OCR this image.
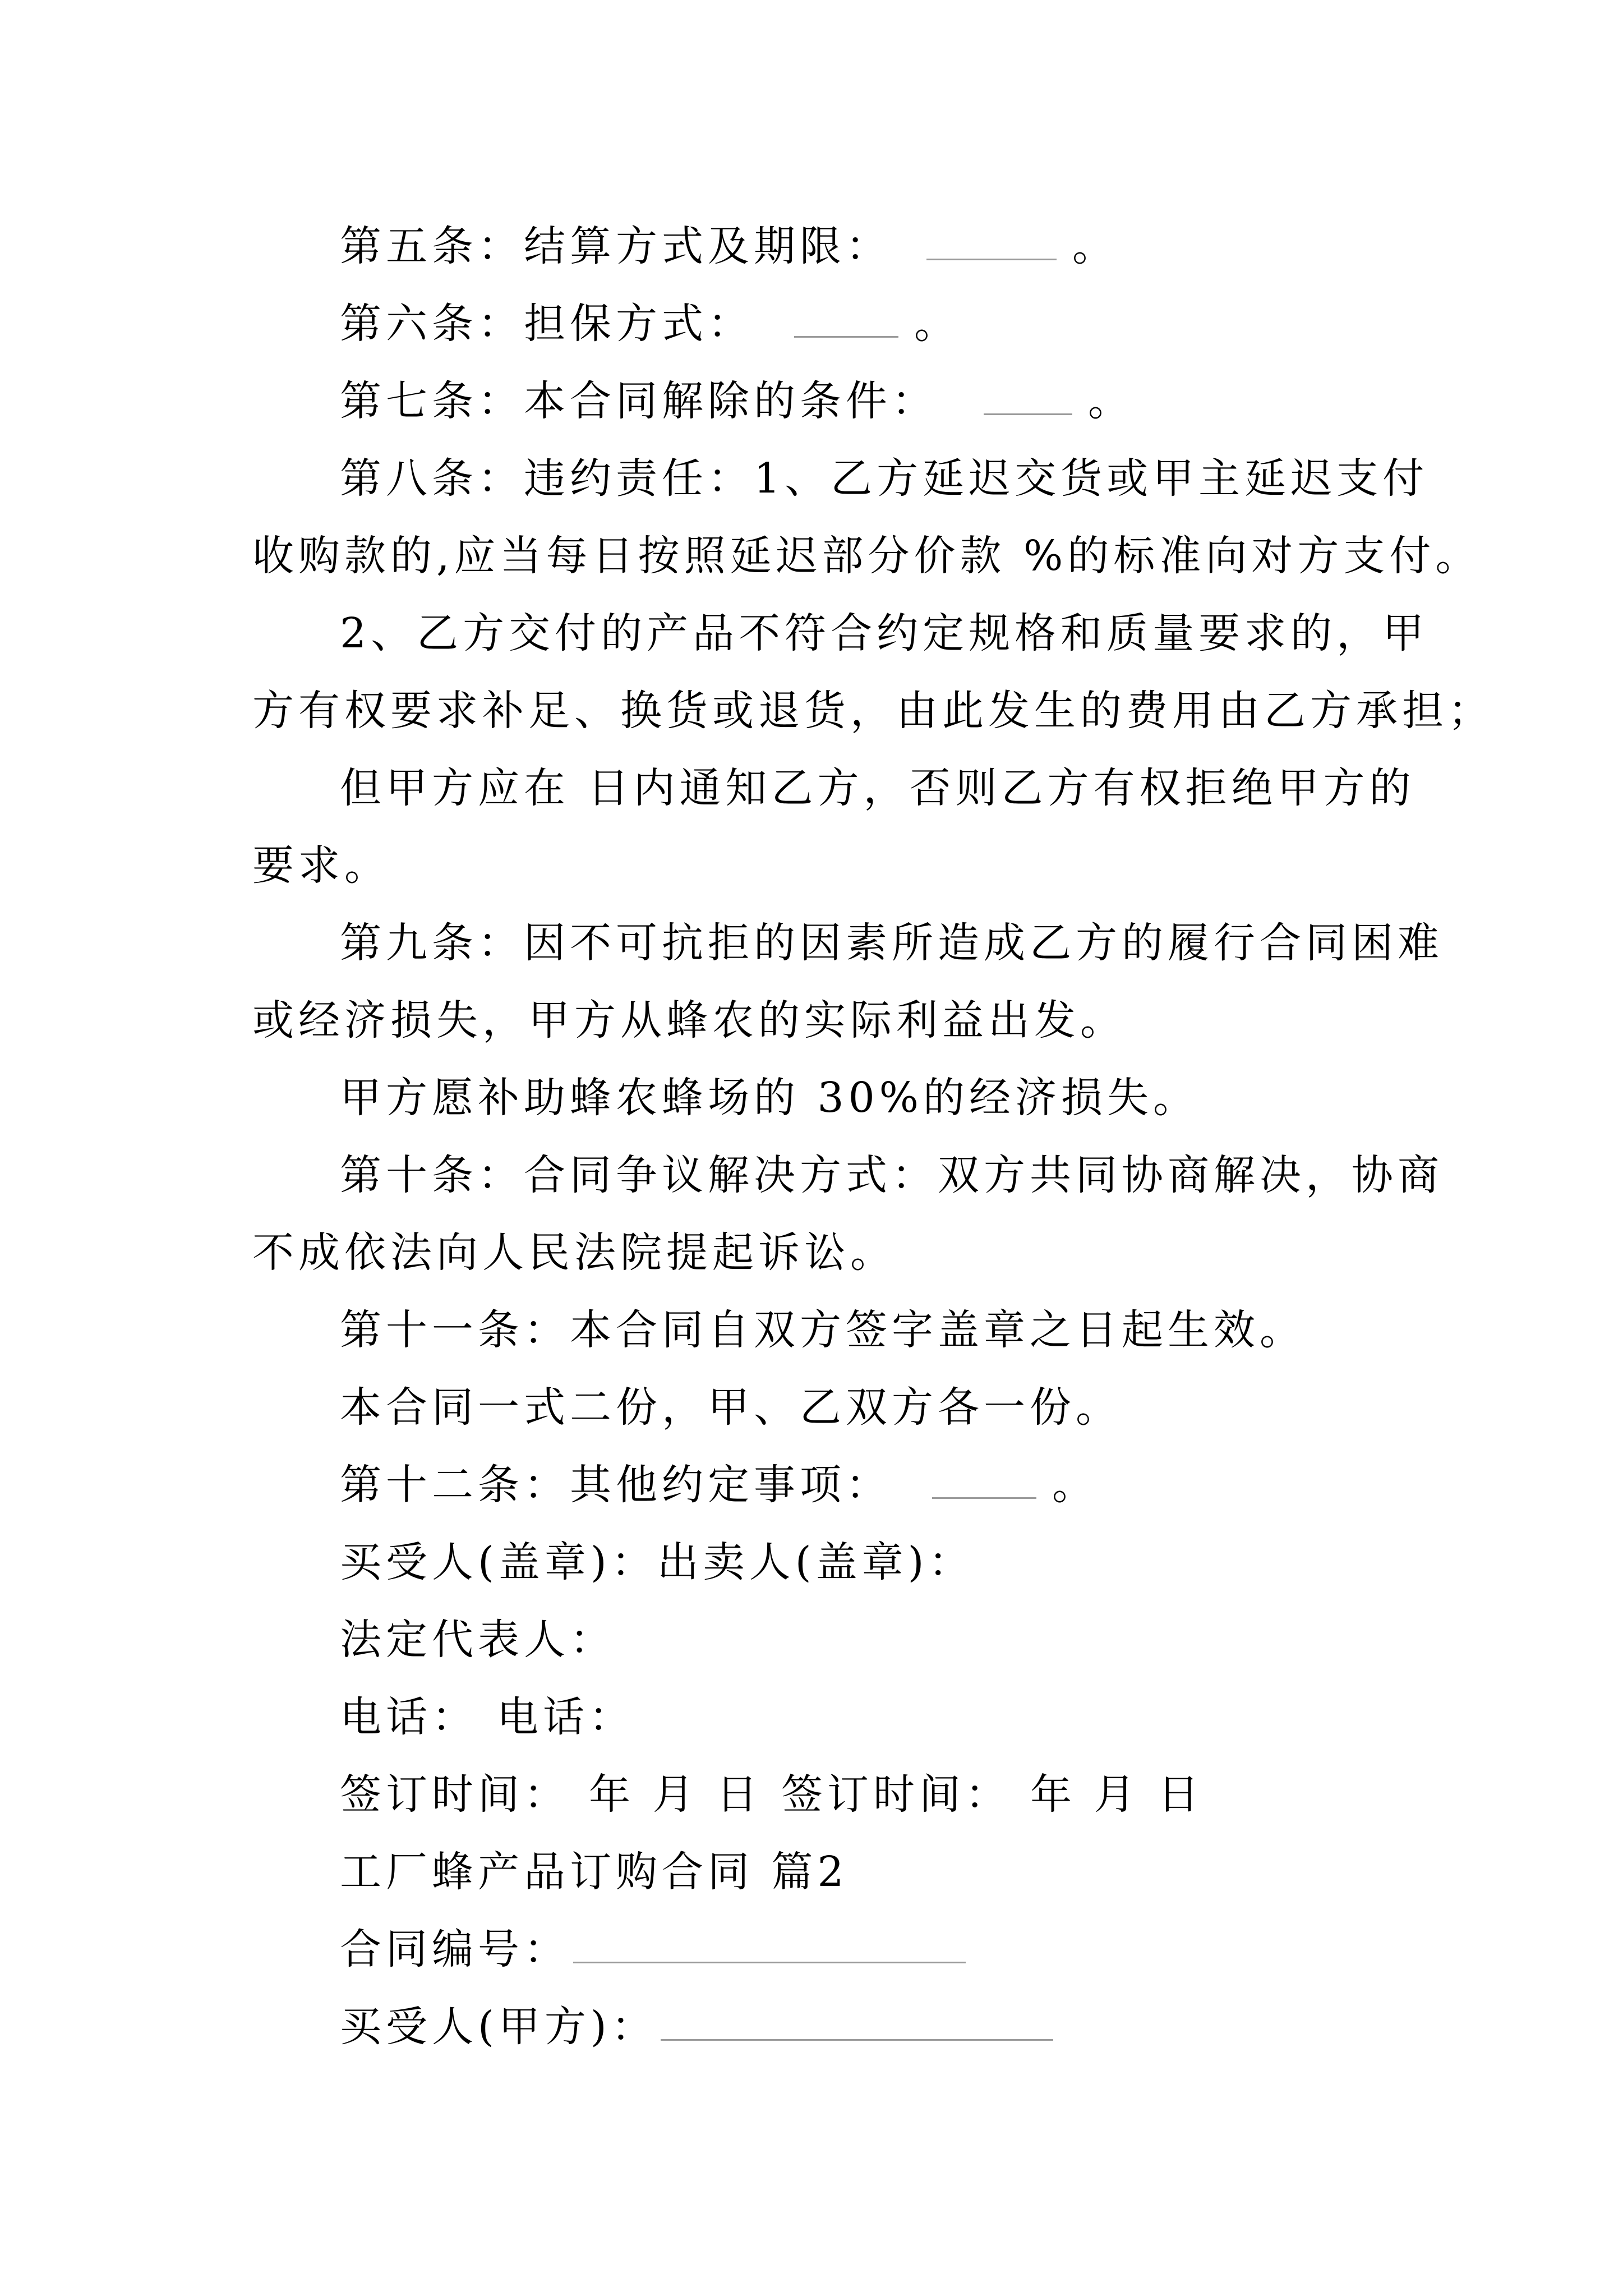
第五条：结算方式及期限：	。
第六条：担保方式：	。
第七条：本合同解除的条件：	。
第八条：违约责任：1、乙方延迟交货或甲主延迟支付
收购款的,应当每日按照延迟部分价款 %的标准向对方支付。
2、乙方交付的产品不符合约定规格和质量要求的，甲
方有权要求补足、换货或退货，由此发生的费用由乙方承担；
但甲方应在 日内通知乙方，否则乙方有权拒绝甲方的
要求。
第九条：因不可抗拒的因素所造成乙方的履行合同困难
或经济损失，甲方从蜂农的实际利益出发。
甲方愿补助蜂农蜂场的 30%的经济损失。
第十条：合同争议解决方式：双方共同协商解决，协商
不成依法向人民法院提起诉讼。
第十一条：本合同自双方签字盖章之日起生效。
本合同一式二份，甲、乙双方各一份。
第十二条：其他约定事项：	。
买受人(盖章)：出卖人(盖章)：
法定代表人：
电话： 电话：
签订时间： 年 月 日 签订时间： 年 月 日
工厂蜂产品订购合同 篇2
合同编号：
买受人(甲方)：
